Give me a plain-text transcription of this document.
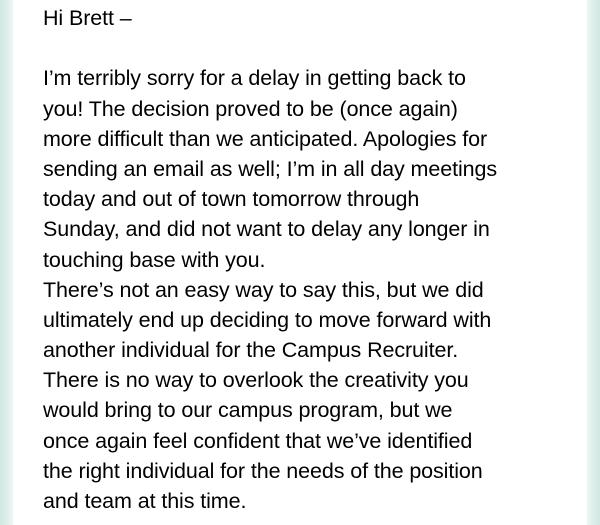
Hi Brett –
I’m terribly sorry for a delay in getting back to
you! The decision proved to be (once again)
more difficult than we anticipated. Apologies for
sending an email as well; I’m in all day meetings
today and out of town tomorrow through
Sunday, and did not want to delay any longer in
touching base with you.
There’s not an easy way to say this, but we did
ultimately end up deciding to move forward with
another individual for the Campus Recruiter.
There is no way to overlook the creativity you
would bring to our campus program, but we
once again feel confident that we’ve identified
the right individual for the needs of the position
and team at this time.
